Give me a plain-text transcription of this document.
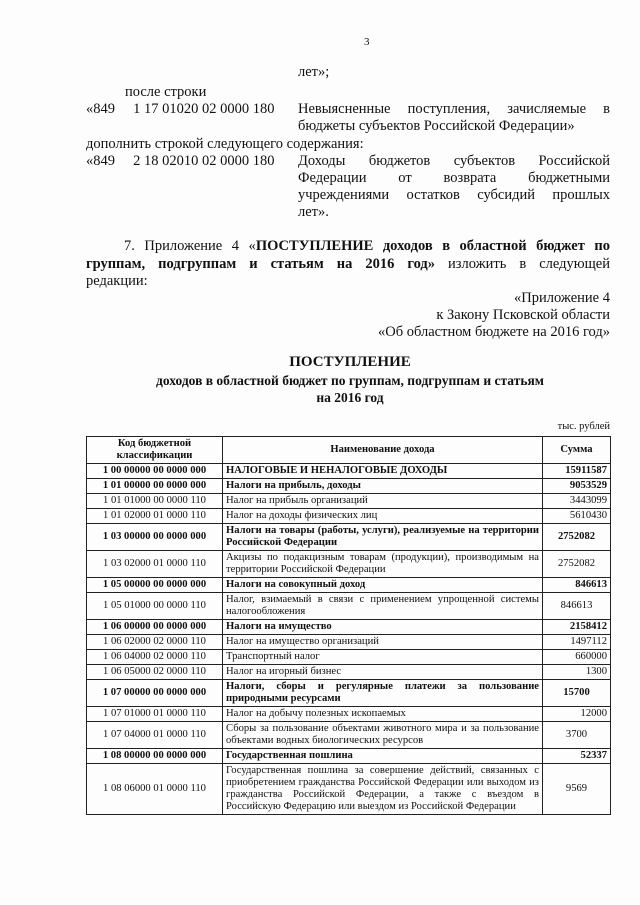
3
лет»;
после строки
«849     1 17 01020 02 0000 180 Невыясненные поступления, зачисляемые в
бюджеты субъектов Российской Федерации»
дополнить строкой следующего содержания:
«849     2 18 02010 02 0000 180 Доходы бюджетов субъектов Российской
Федерации от возврата бюджетными
учреждениями остатков субсидий прошлых
лет».
7. Приложение 4 «ПОСТУПЛЕНИЕ доходов в областной бюджет по
группам, подгруппам и статьям на 2016 год» изложить в следующей
редакции:
«Приложение 4
к Закону Псковской области
«Об областном бюджете на 2016 год»
ПОСТУПЛЕНИЕ
доходов в областной бюджет по группам, подгруппам и статьям
на 2016 год
тыс. рублей
Код бюджетной классификации	Наименование дохода	Сумма
1 00 00000 00 0000 000	НАЛОГОВЫЕ И НЕНАЛОГОВЫЕ ДОХОДЫ	15911587
1 01 00000 00 0000 000	Налоги на прибыль, доходы	9053529
1 01 01000 00 0000 110	Налог на прибыль организаций	3443099
1 01 02000 01 0000 110	Налог на доходы физических лиц	5610430
1 03 00000 00 0000 000	Налоги на товары (работы, услуги), реализуемые на территории Российской Федерации	2752082
1 03 02000 01 0000 110	Акцизы по подакцизным товарам (продукции), производимым на территории Российской Федерации	2752082
1 05 00000 00 0000 000	Налоги на совокупный доход	846613
1 05 01000 00 0000 110	Налог, взимаемый в связи с применением упрощенной системы налогообложения	846613
1 06 00000 00 0000 000	Налоги на имущество	2158412
1 06 02000 02 0000 110	Налог на имущество организаций	1497112
1 06 04000 02 0000 110	Транспортный налог	660000
1 06 05000 02 0000 110	Налог на игорный бизнес	1300
1 07 00000 00 0000 000	Налоги, сборы и регулярные платежи за пользование природными ресурсами	15700
1 07 01000 01 0000 110	Налог на добычу полезных ископаемых	12000
1 07 04000 01 0000 110	Сборы за пользование объектами животного мира и за пользование объектами водных биологических ресурсов	3700
1 08 00000 00 0000 000	Государственная пошлина	52337
1 08 06000 01 0000 110	Государственная пошлина за совершение действий, связанных с приобретением гражданства Российской Федерации или выходом из гражданства Российской Федерации, а также с въездом в Российскую Федерацию или выездом из Российской Федерации	9569
